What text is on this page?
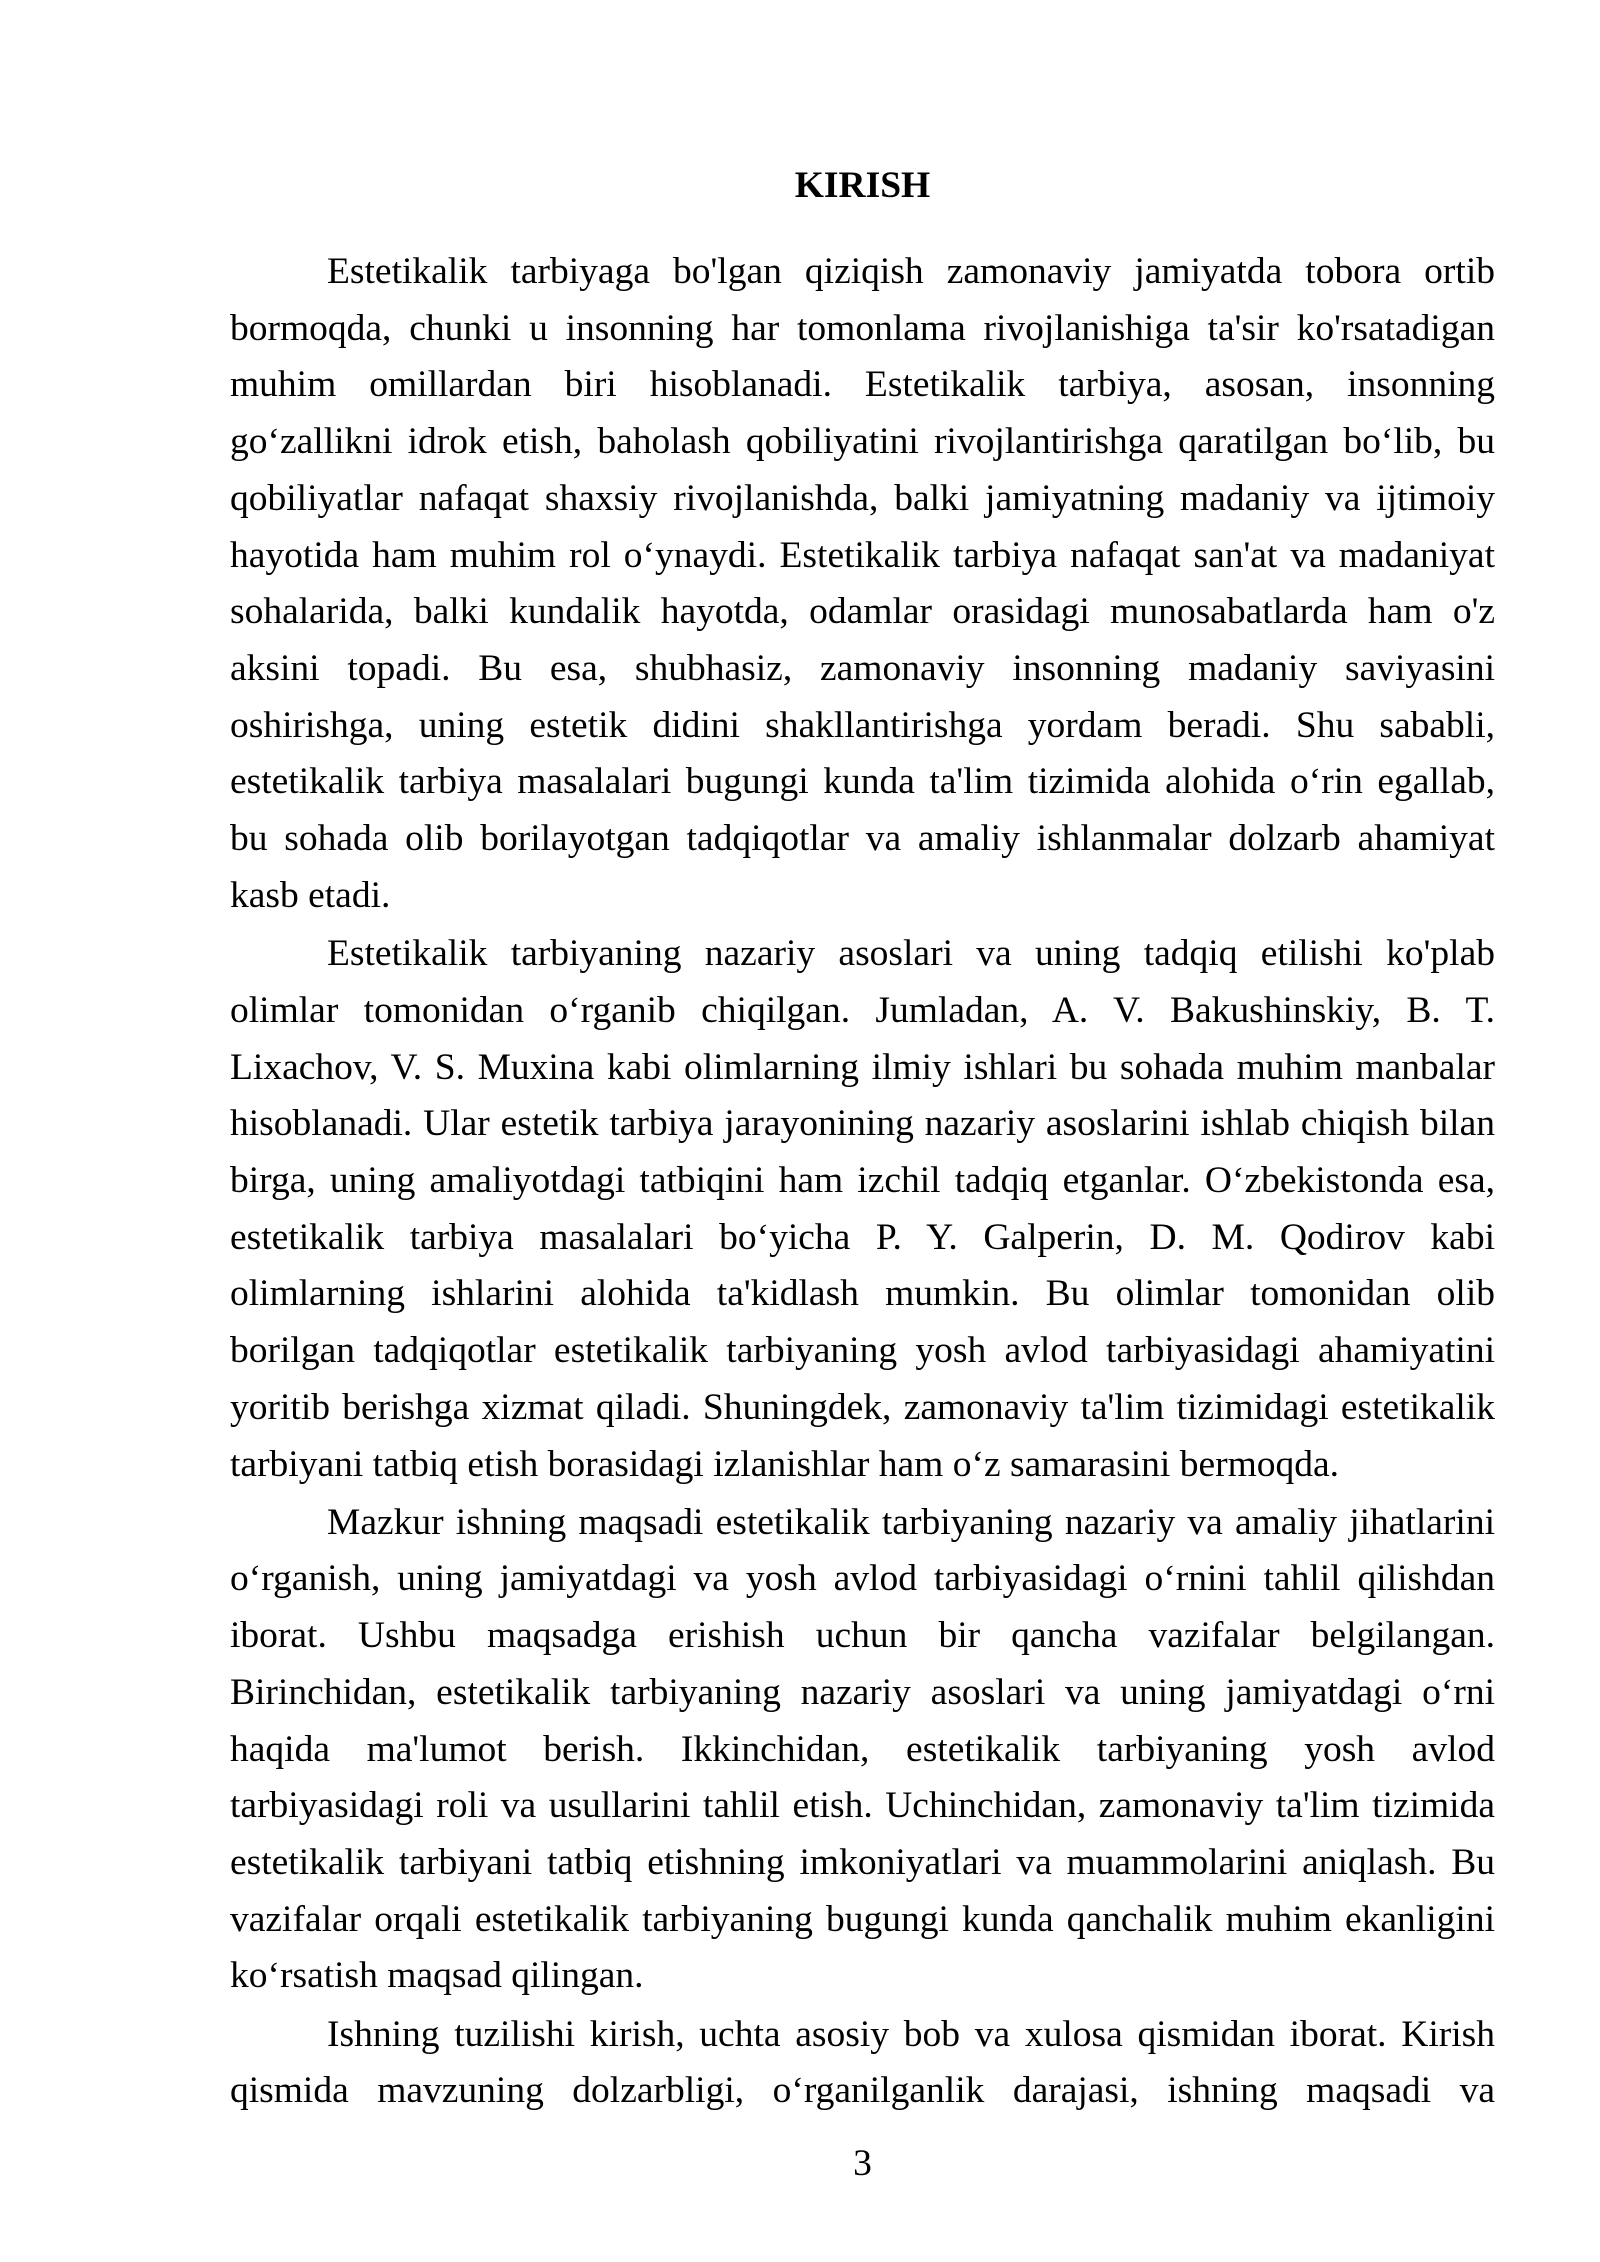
KIRISH
Estetikalik tarbiyaga bo'lgan qiziqish zamonaviy jamiyatda tobora ortib
bormoqda, chunki u insonning har tomonlama rivojlanishiga ta'sir ko'rsatadigan
muhim omillardan biri hisoblanadi. Estetikalik tarbiya, asosan, insonning
go‘zallikni idrok etish, baholash qobiliyatini rivojlantirishga qaratilgan bo‘lib, bu
qobiliyatlar nafaqat shaxsiy rivojlanishda, balki jamiyatning madaniy va ijtimoiy
hayotida ham muhim rol o‘ynaydi. Estetikalik tarbiya nafaqat san'at va madaniyat
sohalarida, balki kundalik hayotda, odamlar orasidagi munosabatlarda ham o'z
aksini topadi. Bu esa, shubhasiz, zamonaviy insonning madaniy saviyasini
oshirishga, uning estetik didini shakllantirishga yordam beradi. Shu sababli,
estetikalik tarbiya masalalari bugungi kunda ta'lim tizimida alohida o‘rin egallab,
bu sohada olib borilayotgan tadqiqotlar va amaliy ishlanmalar dolzarb ahamiyat
kasb etadi.
Estetikalik tarbiyaning nazariy asoslari va uning tadqiq etilishi ko'plab
olimlar tomonidan o‘rganib chiqilgan. Jumladan, A. V. Bakushinskiy, B. T.
Lixachov, V. S. Muxina kabi olimlarning ilmiy ishlari bu sohada muhim manbalar
hisoblanadi. Ular estetik tarbiya jarayonining nazariy asoslarini ishlab chiqish bilan
birga, uning amaliyotdagi tatbiqini ham izchil tadqiq etganlar. O‘zbekistonda esa,
estetikalik tarbiya masalalari bo‘yicha P. Y. Galperin, D. M. Qodirov kabi
olimlarning ishlarini alohida ta'kidlash mumkin. Bu olimlar tomonidan olib
borilgan tadqiqotlar estetikalik tarbiyaning yosh avlod tarbiyasidagi ahamiyatini
yoritib berishga xizmat qiladi. Shuningdek, zamonaviy ta'lim tizimidagi estetikalik
tarbiyani tatbiq etish borasidagi izlanishlar ham o‘z samarasini bermoqda.
Mazkur ishning maqsadi estetikalik tarbiyaning nazariy va amaliy jihatlarini
o‘rganish, uning jamiyatdagi va yosh avlod tarbiyasidagi o‘rnini tahlil qilishdan
iborat. Ushbu maqsadga erishish uchun bir qancha vazifalar belgilangan.
Birinchidan, estetikalik tarbiyaning nazariy asoslari va uning jamiyatdagi o‘rni
haqida ma'lumot berish. Ikkinchidan, estetikalik tarbiyaning yosh avlod
tarbiyasidagi roli va usullarini tahlil etish. Uchinchidan, zamonaviy ta'lim tizimida
estetikalik tarbiyani tatbiq etishning imkoniyatlari va muammolarini aniqlash. Bu
vazifalar orqali estetikalik tarbiyaning bugungi kunda qanchalik muhim ekanligini
ko‘rsatish maqsad qilingan.
Ishning tuzilishi kirish, uchta asosiy bob va xulosa qismidan iborat. Kirish
qismida mavzuning dolzarbligi, o‘rganilganlik darajasi, ishning maqsadi va
3
